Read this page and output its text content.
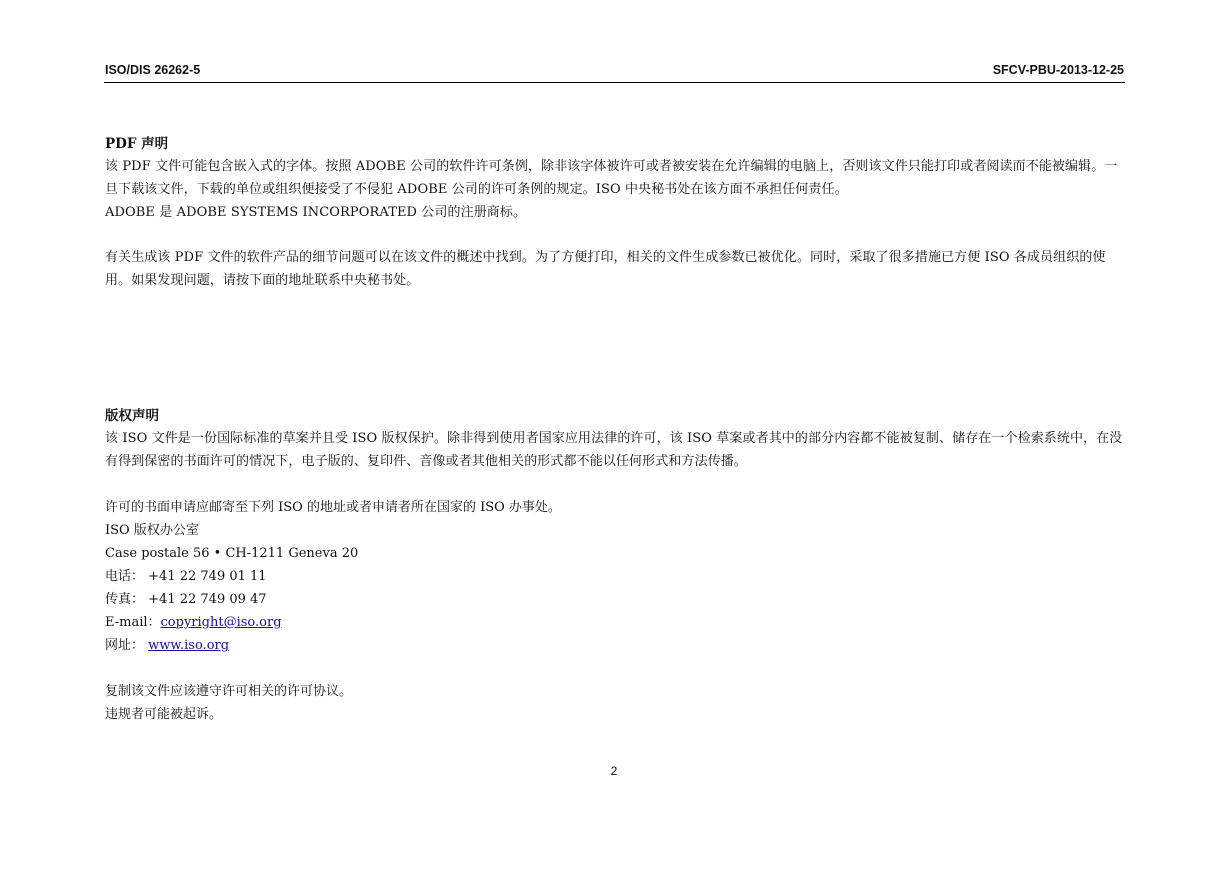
ISO/DIS 26262-5	SFCV-PBU-2013-12-25

PDF 声明

该 PDF 文件可能包含嵌入式的字体。按照 ADOBE 公司的软件许可条例，除非该字体被许可或者被安装在允许编辑的电脑上，否则该文件只能打印或者阅读而不能被编辑。一旦下载该文件，下载的单位或组织便接受了不侵犯 ADOBE 公司的许可条例的规定。ISO 中央秘书处在该方面不承担任何责任。

ADOBE 是 ADOBE SYSTEMS INCORPORATED 公司的注册商标。

有关生成该 PDF 文件的软件产品的细节问题可以在该文件的概述中找到。为了方便打印，相关的文件生成参数已被优化。同时，采取了很多措施已方便 ISO 各成员组织的使用。如果发现问题，请按下面的地址联系中央秘书处。

版权声明

该 ISO 文件是一份国际标准的草案并且受 ISO 版权保护。除非得到使用者国家应用法律的许可，该 ISO 草案或者其中的部分内容都不能被复制、储存在一个检索系统中，在没有得到保密的书面许可的情况下，电子版的、复印件、音像或者其他相关的形式都不能以任何形式和方法传播。

许可的书面申请应邮寄至下列 ISO 的地址或者申请者所在国家的 ISO 办事处。

ISO 版权办公室

Case postale 56 • CH-1211 Geneva 20

电话： +41 22 749 01 11

传真： +41 22 749 09 47

E-mail：copyright@iso.org

网址： www.iso.org

复制该文件应该遵守许可相关的许可协议。

违规者可能被起诉。

2
